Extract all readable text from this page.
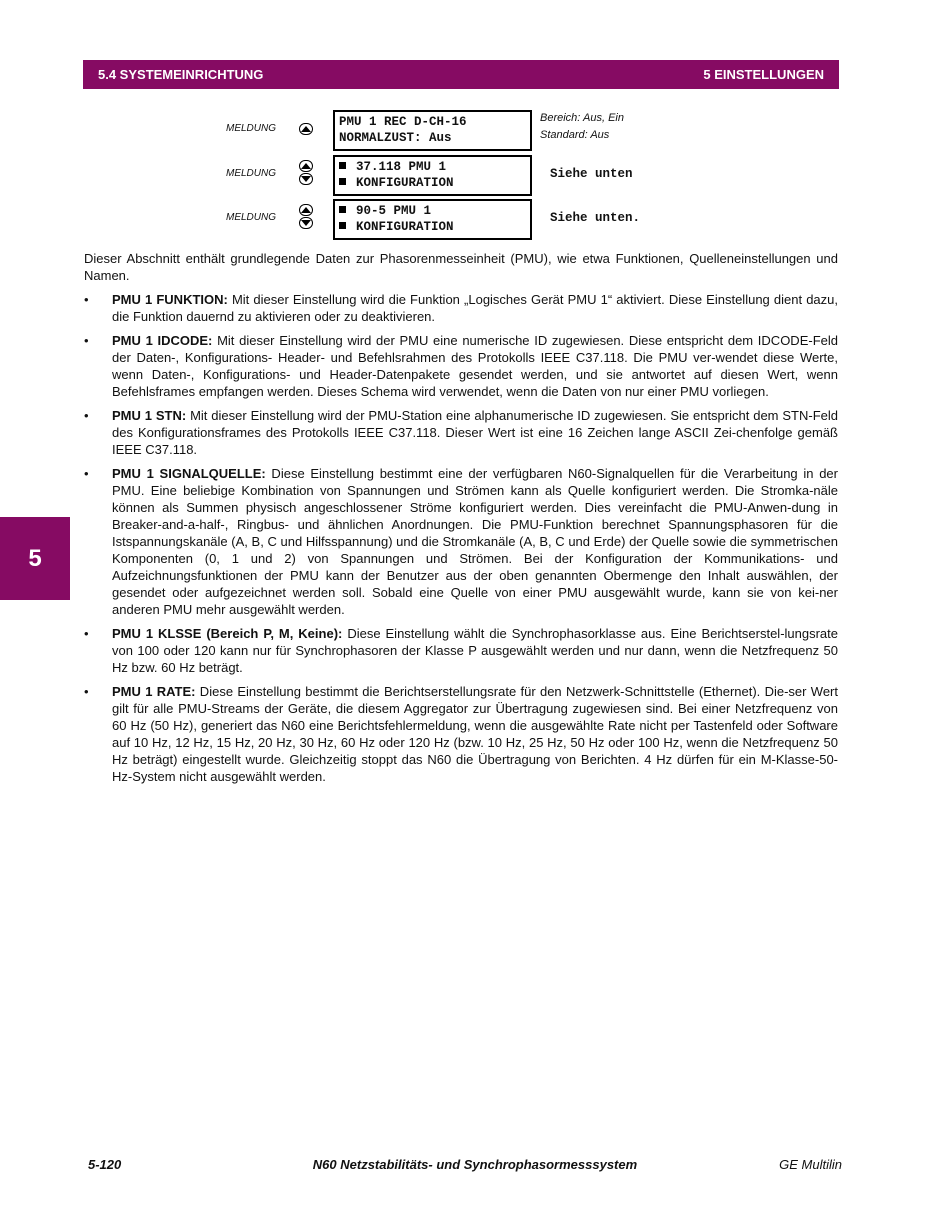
5.4 SYSTEMEINRICHTUNG	5 EINSTELLUNGEN
MELDUNG	PMU 1 REC D-CH-16
NORMALZUST: Aus
Bereich: Aus, Ein
Standard: Aus
MELDUNG	37.118 PMU 1
KONFIGURATION
Siehe unten
MELDUNG	90-5 PMU 1
KONFIGURATION
Siehe unten.

Dieser Abschnitt enthält grundlegende Daten zur Phasorenmesseinheit (PMU), wie etwa Funktionen, Quelleneinstellungen und Namen.

• PMU 1 FUNKTION: Mit dieser Einstellung wird die Funktion „Logisches Gerät PMU 1“ aktiviert. Diese Einstellung dient dazu, die Funktion dauernd zu aktivieren oder zu deaktivieren.
• PMU 1 IDCODE: Mit dieser Einstellung wird der PMU eine numerische ID zugewiesen. Diese entspricht dem IDCODE-Feld der Daten-, Konfigurations- Header- und Befehlsrahmen des Protokolls IEEE C37.118. Die PMU ver-wendet diese Werte, wenn Daten-, Konfigurations- und Header-Datenpakete gesendet werden, und sie antwortet auf diesen Wert, wenn Befehlsframes empfangen werden. Dieses Schema wird verwendet, wenn die Daten von nur einer PMU vorliegen.
• PMU 1 STN: Mit dieser Einstellung wird der PMU-Station eine alphanumerische ID zugewiesen. Sie entspricht dem STN-Feld des Konfigurationsframes des Protokolls IEEE C37.118. Dieser Wert ist eine 16 Zeichen lange ASCII Zei-chenfolge gemäß IEEE C37.118.
• PMU 1 SIGNALQUELLE: Diese Einstellung bestimmt eine der verfügbaren N60-Signalquellen für die Verarbeitung in der PMU. Eine beliebige Kombination von Spannungen und Strömen kann als Quelle konfiguriert werden. Die Stromka-näle können als Summen physisch angeschlossener Ströme konfiguriert werden. Dies vereinfacht die PMU-Anwen-dung in Breaker-and-a-half-, Ringbus- und ähnlichen Anordnungen. Die PMU-Funktion berechnet Spannungsphasoren für die Istspannungskanäle (A, B, C und Hilfsspannung) und die Stromkanäle (A, B, C und Erde) der Quelle sowie die symmetrischen Komponenten (0, 1 und 2) von Spannungen und Strömen. Bei der Konfiguration der Kommunikations- und Aufzeichnungsfunktionen der PMU kann der Benutzer aus der oben genannten Obermenge den Inhalt auswählen, der gesendet oder aufgezeichnet werden soll. Sobald eine Quelle von einer PMU ausgewählt wurde, kann sie von kei-ner anderen PMU mehr ausgewählt werden.
• PMU 1 KLSSE (Bereich P, M, Keine): Diese Einstellung wählt die Synchrophasorklasse aus. Eine Berichtserstel-lungsrate von 100 oder 120 kann nur für Synchrophasoren der Klasse P ausgewählt werden und nur dann, wenn die Netzfrequenz 50 Hz bzw. 60 Hz beträgt.
• PMU 1 RATE: Diese Einstellung bestimmt die Berichtserstellungsrate für den Netzwerk-Schnittstelle (Ethernet). Die-ser Wert gilt für alle PMU-Streams der Geräte, die diesem Aggregator zur Übertragung zugewiesen sind. Bei einer Netzfrequenz von 60 Hz (50 Hz), generiert das N60 eine Berichtsfehlermeldung, wenn die ausgewählte Rate nicht per Tastenfeld oder Software auf 10 Hz, 12 Hz, 15 Hz, 20 Hz, 30 Hz, 60 Hz oder 120 Hz (bzw. 10 Hz, 25 Hz, 50 Hz oder 100 Hz, wenn die Netzfrequenz 50 Hz beträgt) eingestellt wurde. Gleichzeitig stoppt das N60 die Übertragung von Berichten. 4 Hz dürfen für ein M-Klasse-50-Hz-System nicht ausgewählt werden.
5
5-120	N60 Netzstabilitäts- und Synchrophasormesssystem	GE Multilin
